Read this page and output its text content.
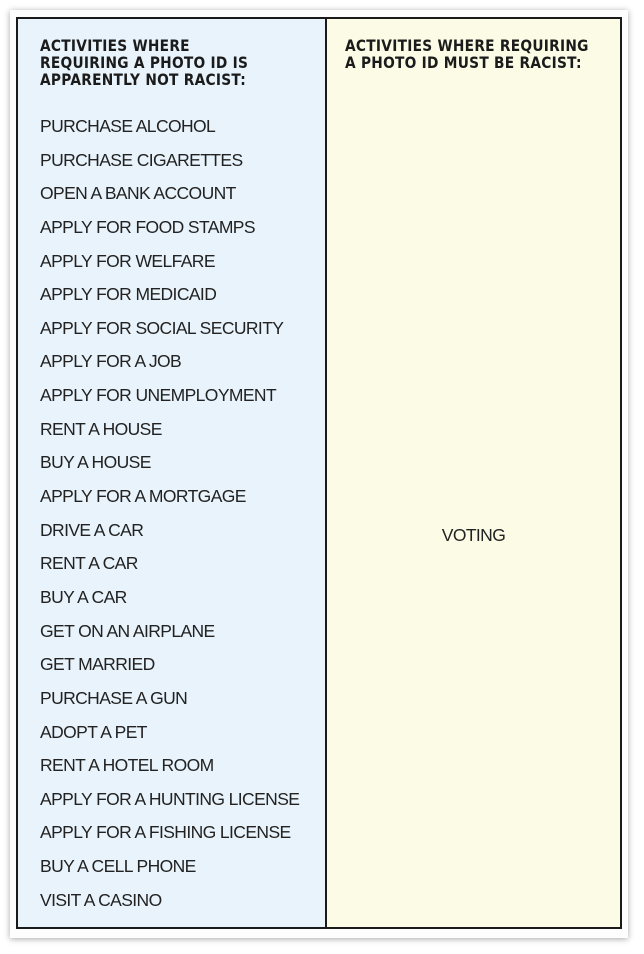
ACTIVITIES WHERE REQUIRING A PHOTO ID IS APPARENTLY NOT RACIST:
PURCHASE ALCOHOL
PURCHASE CIGARETTES
OPEN A BANK ACCOUNT
APPLY FOR FOOD STAMPS
APPLY FOR WELFARE
APPLY FOR MEDICAID
APPLY FOR SOCIAL SECURITY
APPLY FOR A JOB
APPLY FOR UNEMPLOYMENT
RENT A HOUSE
BUY A HOUSE
APPLY FOR A MORTGAGE
DRIVE A CAR
RENT A CAR
BUY A CAR
GET ON AN AIRPLANE
GET MARRIED
PURCHASE A GUN
ADOPT A PET
RENT A HOTEL ROOM
APPLY FOR A HUNTING LICENSE
APPLY FOR A FISHING LICENSE
BUY A CELL PHONE
VISIT A CASINO
ACTIVITIES WHERE REQUIRING A PHOTO ID MUST BE RACIST:
VOTING
